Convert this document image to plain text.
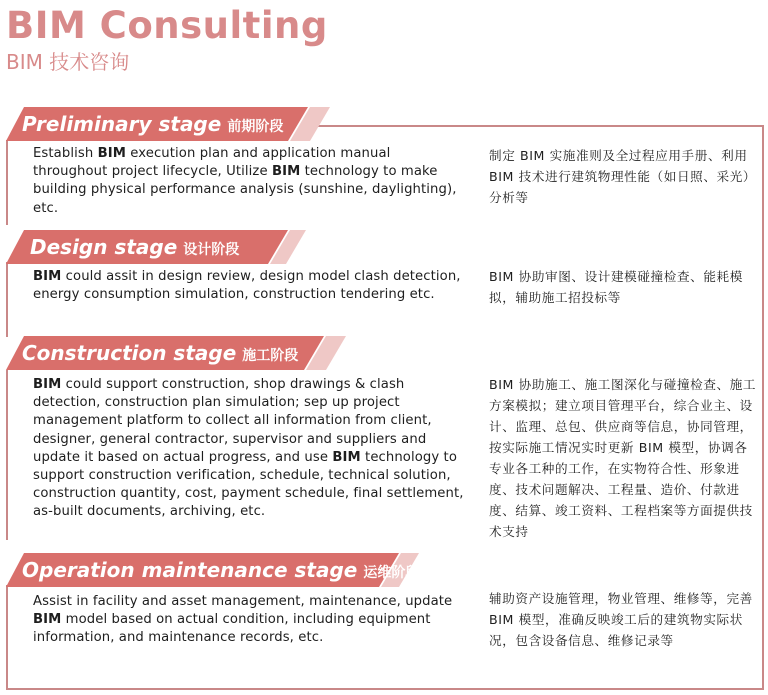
BIM Consulting
BIM 技术咨询
Preliminary stage 前期阶段
Establish BIM execution plan and application manual throughout project lifecycle, Utilize BIM technology to make building physical performance analysis (sunshine, daylighting), etc.
制定 BIM 实施准则及全过程应用手册、利用 BIM 技术进行建筑物理性能（如日照、采光）分析等
Design stage 设计阶段
BIM could assit in design review, design model clash detection, energy consumption simulation, construction tendering etc.
BIM 协助审图、设计建模碰撞检查、能耗模拟，辅助施工招投标等
Construction stage 施工阶段
BIM could support construction, shop drawings & clash detection, construction plan simulation; sep up project management platform to collect all information from client, designer, general contractor, supervisor and suppliers and update it based on actual progress, and use BIM technology to support construction verification, schedule, technical solution, construction quantity, cost, payment schedule, final settlement, as-built documents, archiving, etc.
BIM 协助施工、施工图深化与碰撞检查、施工方案模拟；建立项目管理平台，综合业主、设计、监理、总包、供应商等信息，协同管理，按实际施工情况实时更新 BIM 模型，协调各专业各工种的工作，在实物符合性、形象进度、技术问题解决、工程量、造价、付款进度、结算、竣工资料、工程档案等方面提供技术支持
Operation maintenance stage 运维阶段
Assist in facility and asset management, maintenance, update BIM model based on actual condition, including equipment information, and maintenance records, etc.
辅助资产设施管理，物业管理、维修等，完善 BIM 模型，准确反映竣工后的建筑物实际状况，包含设备信息、维修记录等
